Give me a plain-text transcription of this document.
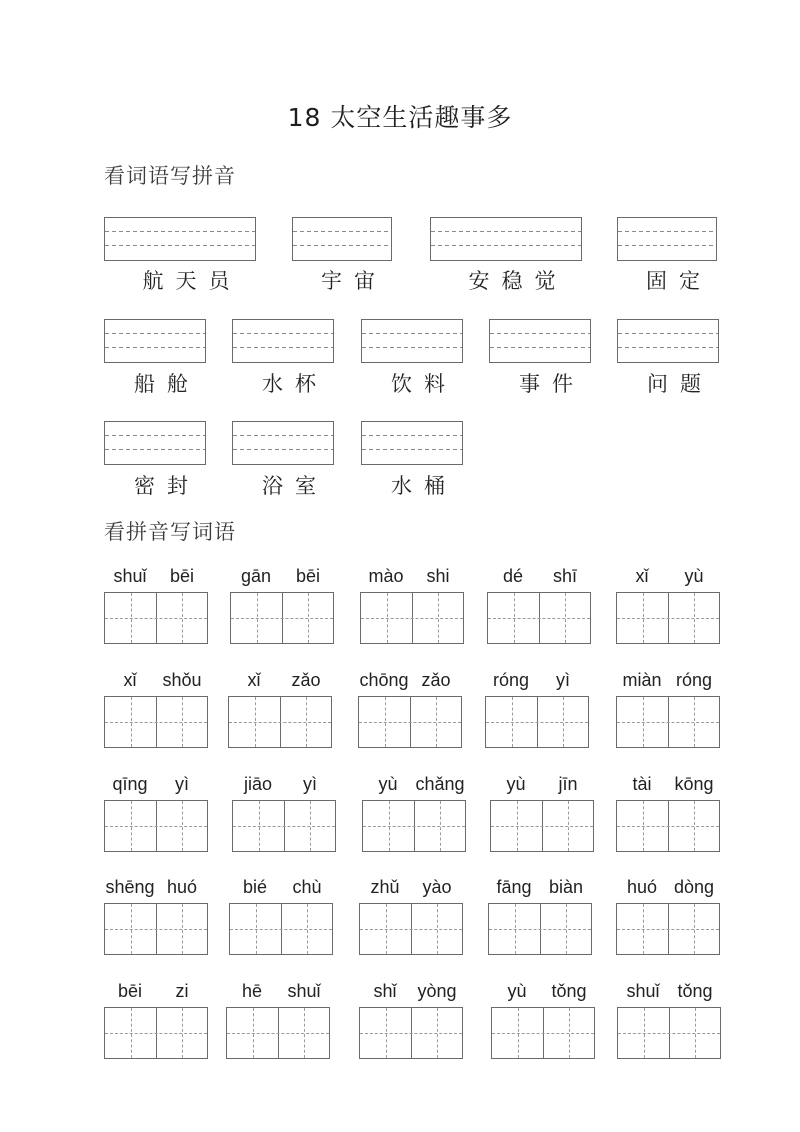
18 太空生活趣事多
看词语写拼音
航天员	宇宙	安稳觉	固定
船舱	水杯	饮料	事件	问题
密封	浴室	水桶
看拼音写词语
shuǐ	bēi	gān	bēi	mào	shi	dé	shī	xǐ	yù
xǐ	shǒu	xǐ	zǎo	chōng zǎo	róng	yì	miàn róng
qīng	yì	jiāo	yì	yù chǎng	yù	jīn	tài	kōng
shēng huó	bié	chù	zhǔ	yào	fāng biàn	huó dòng
bēi	zi	hē	shuǐ	shǐ	yòng	yù	tǒng	shuǐ tǒng
